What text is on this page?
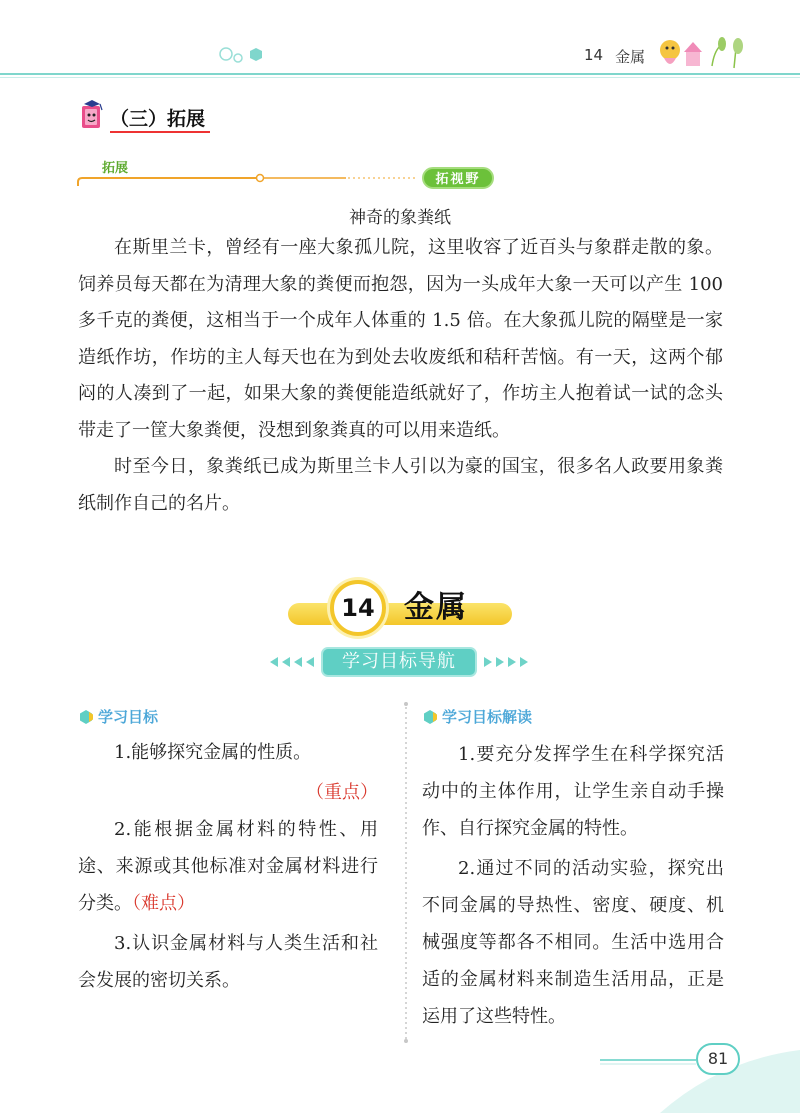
14 金属
（三）拓展
拓展
拓视野
神奇的象粪纸

在斯里兰卡，曾经有一座大象孤儿院，这里收容了近百头与象群走散的象。饲养员每天都在为清理大象的粪便而抱怨，因为一头成年大象一天可以产生 100 多千克的粪便，这相当于一个成年人体重的 1.5 倍。在大象孤儿院的隔壁是一家造纸作坊，作坊的主人每天也在为到处去收废纸和秸秆苦恼。有一天，这两个郁闷的人凑到了一起，如果大象的粪便能造纸就好了，作坊主人抱着试一试的念头带走了一筐大象粪便，没想到象粪真的可以用来造纸。

时至今日，象粪纸已成为斯里兰卡人引以为豪的国宝，很多名人政要用象粪纸制作自己的名片。

14 金属
学习目标导航
学习目标

1.能够探究金属的性质。

（重点）

2.能根据金属材料的特性、用途、来源或其他标准对金属材料进行分类。（难点）

3.认识金属材料与人类生活和社会发展的密切关系。

学习目标解读

1.要充分发挥学生在科学探究活动中的主体作用，让学生亲自动手操作、自行探究金属的特性。

2.通过不同的活动实验，探究出不同金属的导热性、密度、硬度、机械强度等都各不相同。生活中选用合适的金属材料来制造生活用品，正是运用了这些特性。

81
